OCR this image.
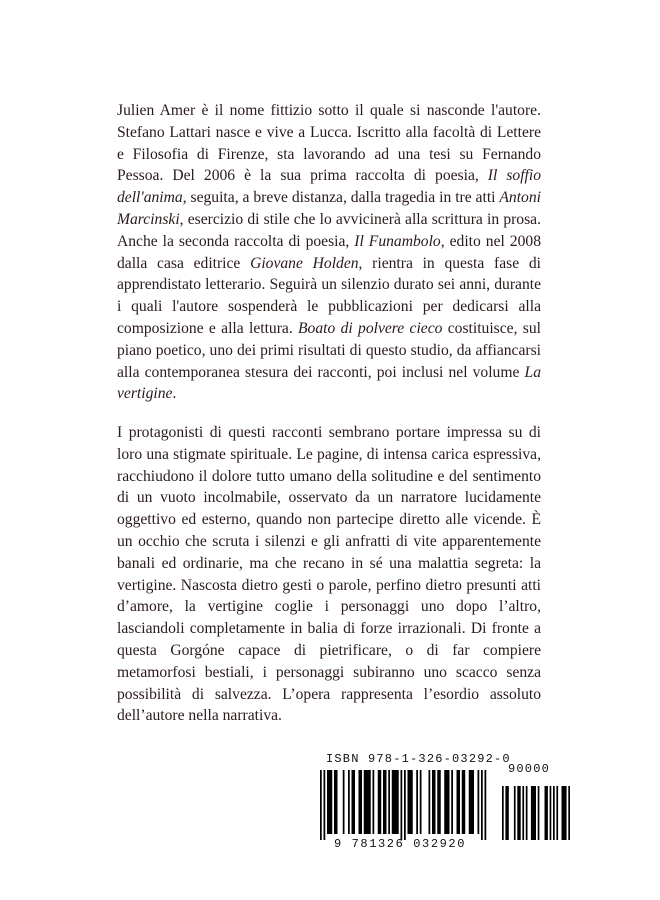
Julien Amer è il nome fittizio sotto il quale si nasconde l'autore. Stefano Lattari nasce e vive a Lucca. Iscritto alla facoltà di Lettere e Filosofia di Firenze, sta lavorando ad una tesi su Fernando Pessoa. Del 2006 è la sua prima raccolta di poesia, Il soffio dell'anima, seguita, a breve distanza, dalla tragedia in tre atti Antoni Marcinski, esercizio di stile che lo avvicinerà alla scrittura in prosa. Anche la seconda raccolta di poesia, Il Funambolo, edito nel 2008 dalla casa editrice Giovane Holden, rientra in questa fase di apprendistato letterario. Seguirà un silenzio durato sei anni, durante i quali l'autore sospenderà le pubblicazioni per dedicarsi alla composizione e alla lettura. Boato di polvere cieco costituisce, sul piano poetico, uno dei primi risultati di questo studio, da affiancarsi alla contemporanea stesura dei racconti, poi inclusi nel volume La vertigine.
I protagonisti di questi racconti sembrano portare impressa su di loro una stigmate spirituale. Le pagine, di intensa carica espressiva, racchiudono il dolore tutto umano della solitudine e del sentimento di un vuoto incolmabile, osservato da un narratore lucidamente oggettivo ed esterno, quando non partecipe diretto alle vicende. È un occhio che scruta i silenzi e gli anfratti di vite apparentemente banali ed ordinarie, ma che recano in sé una malattia segreta: la vertigine. Nascosta dietro gesti o parole, perfino dietro presunti atti d’amore, la vertigine coglie i personaggi uno dopo l’altro, lasciandoli completamente in balia di forze irrazionali. Di fronte a questa Gorgóne capace di pietrificare, o di far compiere metamorfosi bestiali, i personaggi subiranno uno scacco senza possibilità di salvezza. L’opera rappresenta l’esordio assoluto dell’autore nella narrativa.
ISBN 978-1-326-03292-0
90000
9 781326 032920
